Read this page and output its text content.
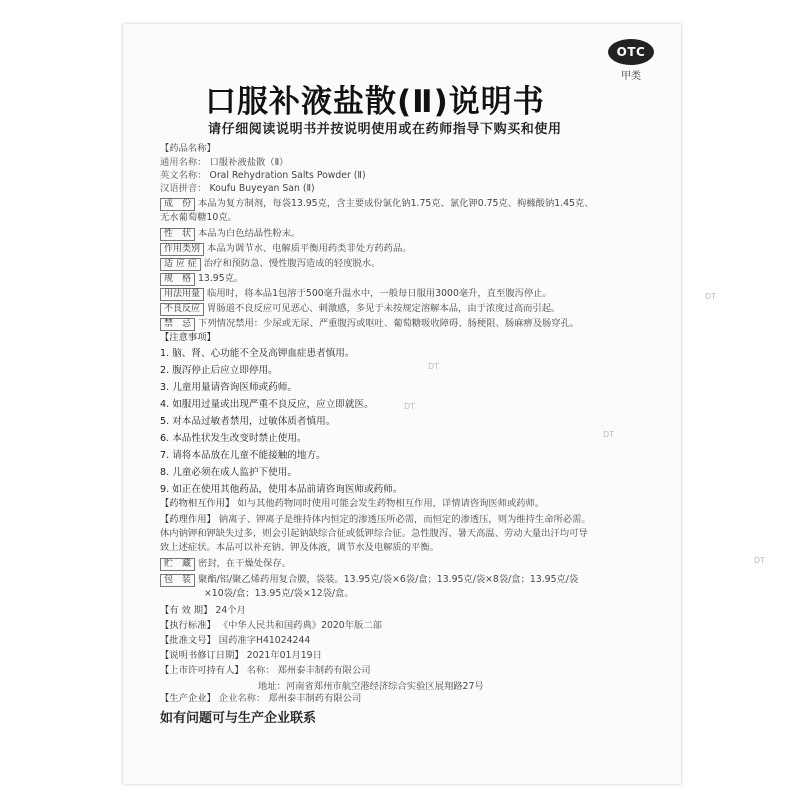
OTC
甲类
口服补液盐散(Ⅱ)说明书
请仔细阅读说明书并按说明使用或在药师指导下购买和使用
【药品名称】
通用名称： 口服补液盐散（Ⅱ）
英文名称： Oral Rehydration Salts Powder (Ⅱ)
汉语拼音： Koufu Buyeyan San (Ⅱ)
成　份 本品为复方制剂，每袋13.95克，含主要成份氯化钠1.75克、氯化钾0.75克、枸橼酸钠1.45克、
无水葡萄糖10克。
性　状 本品为白色结晶性粉末。
作用类别 本品为调节水、电解质平衡用药类非处方药药品。
适 应 症 治疗和预防急、慢性腹泻造成的轻度脱水。
规　格 13.95克。
用法用量 临用时，将本品1包溶于500毫升温水中，一般每日服用3000毫升，直至腹泻停止。
不良反应 胃肠道不良反应可见恶心、刺激感，多见于未按规定溶解本品，由于浓度过高而引起。
禁　忌 下列情况禁用：少尿或无尿、严重腹泻或呕吐、葡萄糖吸收障碍、肠梗阻、肠麻痹及肠穿孔。
【注意事项】
1. 脑、肾、心功能不全及高钾血症患者慎用。
2. 腹泻停止后应立即停用。
3. 儿童用量请咨询医师或药师。
4. 如服用过量或出现严重不良反应，应立即就医。
5. 对本品过敏者禁用，过敏体质者慎用。
6. 本品性状发生改变时禁止使用。
7. 请将本品放在儿童不能接触的地方。
8. 儿童必须在成人监护下使用。
9. 如正在使用其他药品，使用本品前请咨询医师或药师。
【药物相互作用】 如与其他药物同时使用可能会发生药物相互作用，详情请咨询医师或药师。
【药理作用】 钠离子、钾离子是维持体内恒定的渗透压所必需，而恒定的渗透压，则为维持生命所必需。
体内钠钾和钾缺失过多，则会引起钠缺综合征或低钾综合征。急性腹泻、暑天高温、劳动大量出汗均可导
致上述症状。本品可以补充钠、钾及体液，调节水及电解质的平衡。
贮　藏 密封，在干燥处保存。
包　装 聚酯/铝/聚乙烯药用复合膜，袋装。13.95克/袋×6袋/盒；13.95克/袋×8袋/盒；13.95克/袋
×10袋/盒；13.95克/袋×12袋/盒。
【有 效 期】 24个月
【执行标准】 《中华人民共和国药典》2020年版二部
【批准文号】 国药准字H41024244
【说明书修订日期】 2021年01月19日
【上市许可持有人】 名称： 郑州泰丰制药有限公司
地址：河南省郑州市航空港经济综合实验区展翔路27号
【生产企业】 企业名称： 郑州泰丰制药有限公司
如有问题可与生产企业联系
DT
DT
DT
DT
DT
